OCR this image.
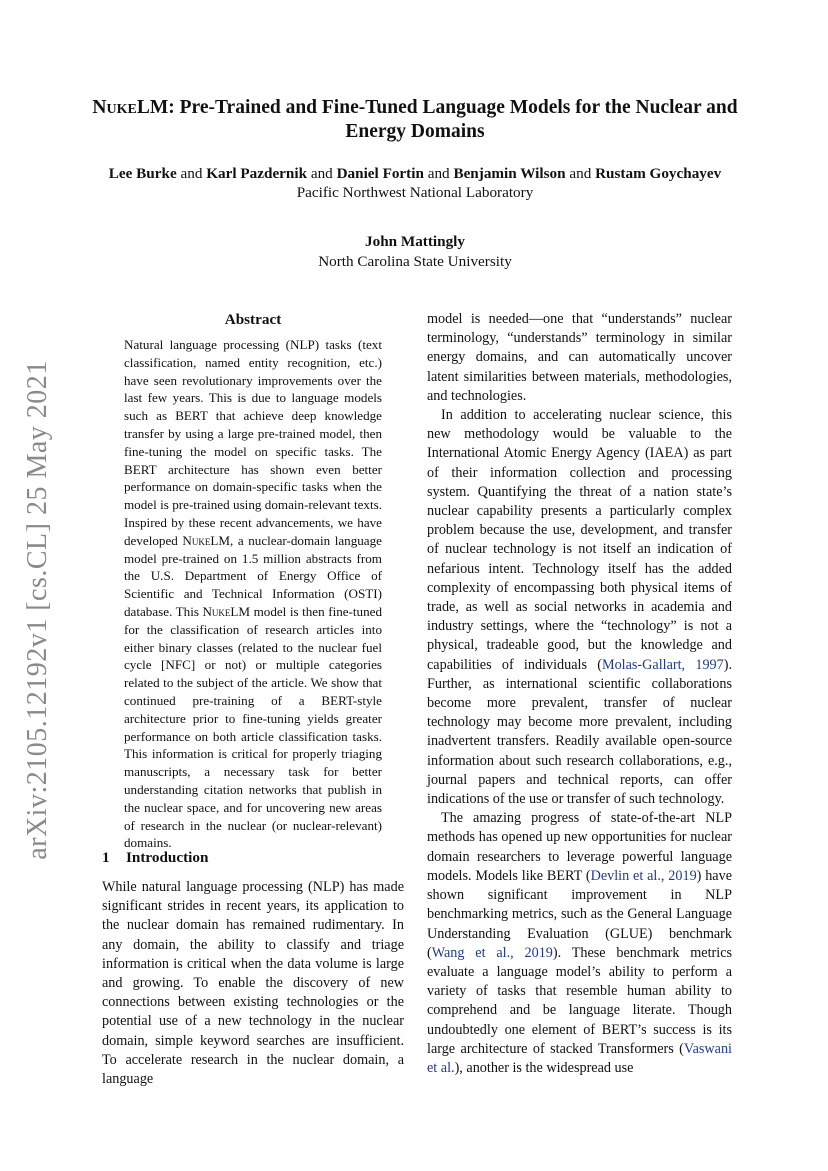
arXiv:2105.12192v1 [cs.CL] 25 May 2021
NukeLM: Pre-Trained and Fine-Tuned Language Models for the Nuclear and Energy Domains
Lee Burke and Karl Pazdernik and Daniel Fortin and Benjamin Wilson and Rustam Goychayev
Pacific Northwest National Laboratory
John Mattingly
North Carolina State University
Abstract

Natural language processing (NLP) tasks (text classification, named entity recognition, etc.) have seen revolutionary improvements over the last few years. This is due to language models such as BERT that achieve deep knowledge transfer by using a large pre-trained model, then fine-tuning the model on specific tasks. The BERT architecture has shown even better performance on domain-specific tasks when the model is pre-trained using domain-relevant texts. Inspired by these recent advancements, we have developed NukeLM, a nuclear-domain language model pre-trained on 1.5 million abstracts from the U.S. Department of Energy Office of Scientific and Technical Information (OSTI) database. This NukeLM model is then fine-tuned for the classification of research articles into either binary classes (related to the nuclear fuel cycle [NFC] or not) or multiple categories related to the subject of the article. We show that continued pre-training of a BERT-style architecture prior to fine-tuning yields greater performance on both article classification tasks. This information is critical for properly triaging manuscripts, a necessary task for better understanding citation networks that publish in the nuclear space, and for uncovering new areas of research in the nuclear (or nuclear-relevant) domains.

1 Introduction

While natural language processing (NLP) has made significant strides in recent years, its application to the nuclear domain has remained rudimentary. In any domain, the ability to classify and triage information is critical when the data volume is large and growing. To enable the discovery of new connections between existing technologies or the potential use of a new technology in the nuclear domain, simple keyword searches are insufficient. To accelerate research in the nuclear domain, a language

model is needed—one that “understands” nuclear terminology, “understands” terminology in similar energy domains, and can automatically uncover latent similarities between materials, methodologies, and technologies.

In addition to accelerating nuclear science, this new methodology would be valuable to the International Atomic Energy Agency (IAEA) as part of their information collection and processing system. Quantifying the threat of a nation state’s nuclear capability presents a particularly complex problem because the use, development, and transfer of nuclear technology is not itself an indication of nefarious intent. Technology itself has the added complexity of encompassing both physical items of trade, as well as social networks in academia and industry settings, where the “technology” is not a physical, tradeable good, but the knowledge and capabilities of individuals (Molas-Gallart, 1997). Further, as international scientific collaborations become more prevalent, transfer of nuclear technology may become more prevalent, including inadvertent transfers. Readily available open-source information about such research collaborations, e.g., journal papers and technical reports, can offer indications of the use or transfer of such technology.

The amazing progress of state-of-the-art NLP methods has opened up new opportunities for nuclear domain researchers to leverage powerful language models. Models like BERT (Devlin et al., 2019) have shown significant improvement in NLP benchmarking metrics, such as the General Language Understanding Evaluation (GLUE) benchmark (Wang et al., 2019). These benchmark metrics evaluate a language model’s ability to perform a variety of tasks that resemble human ability to comprehend and be language literate. Though undoubtedly one element of BERT’s success is its large architecture of stacked Transformers (Vaswani et al.), another is the widespread use
